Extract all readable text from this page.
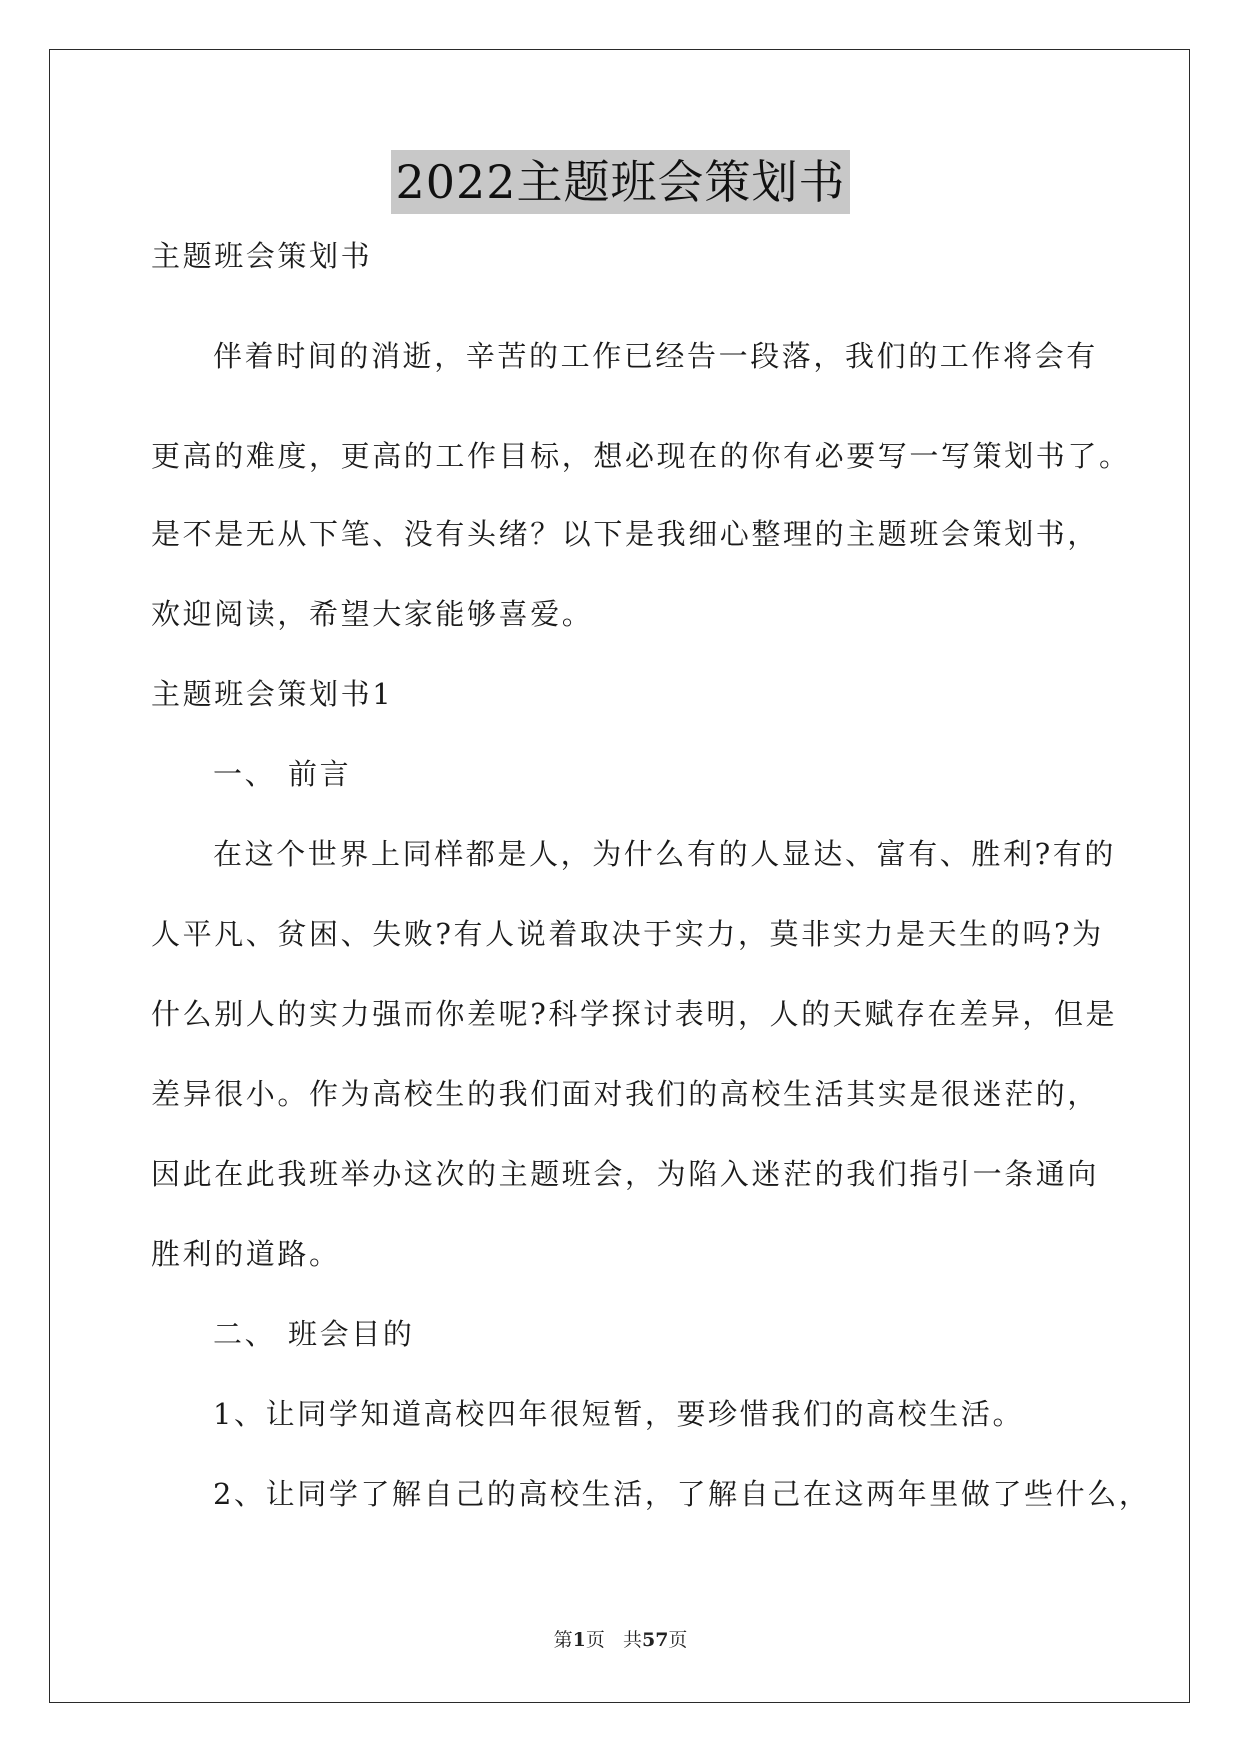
2022主题班会策划书
主题班会策划书
伴着时间的消逝，辛苦的工作已经告一段落，我们的工作将会有
更高的难度，更高的工作目标，想必现在的你有必要写一写策划书了。
是不是无从下笔、没有头绪？以下是我细心整理的主题班会策划书，
欢迎阅读，希望大家能够喜爱。
主题班会策划书1
一、 前言
在这个世界上同样都是人，为什么有的人显达、富有、胜利?有的
人平凡、贫困、失败?有人说着取决于实力，莫非实力是天生的吗?为
什么别人的实力强而你差呢?科学探讨表明，人的天赋存在差异，但是
差异很小。作为高校生的我们面对我们的高校生活其实是很迷茫的，
因此在此我班举办这次的主题班会，为陷入迷茫的我们指引一条通向
胜利的道路。
二、 班会目的
1、让同学知道高校四年很短暂，要珍惜我们的高校生活。
2、让同学了解自己的高校生活，了解自己在这两年里做了些什么，
第1页 共57页
